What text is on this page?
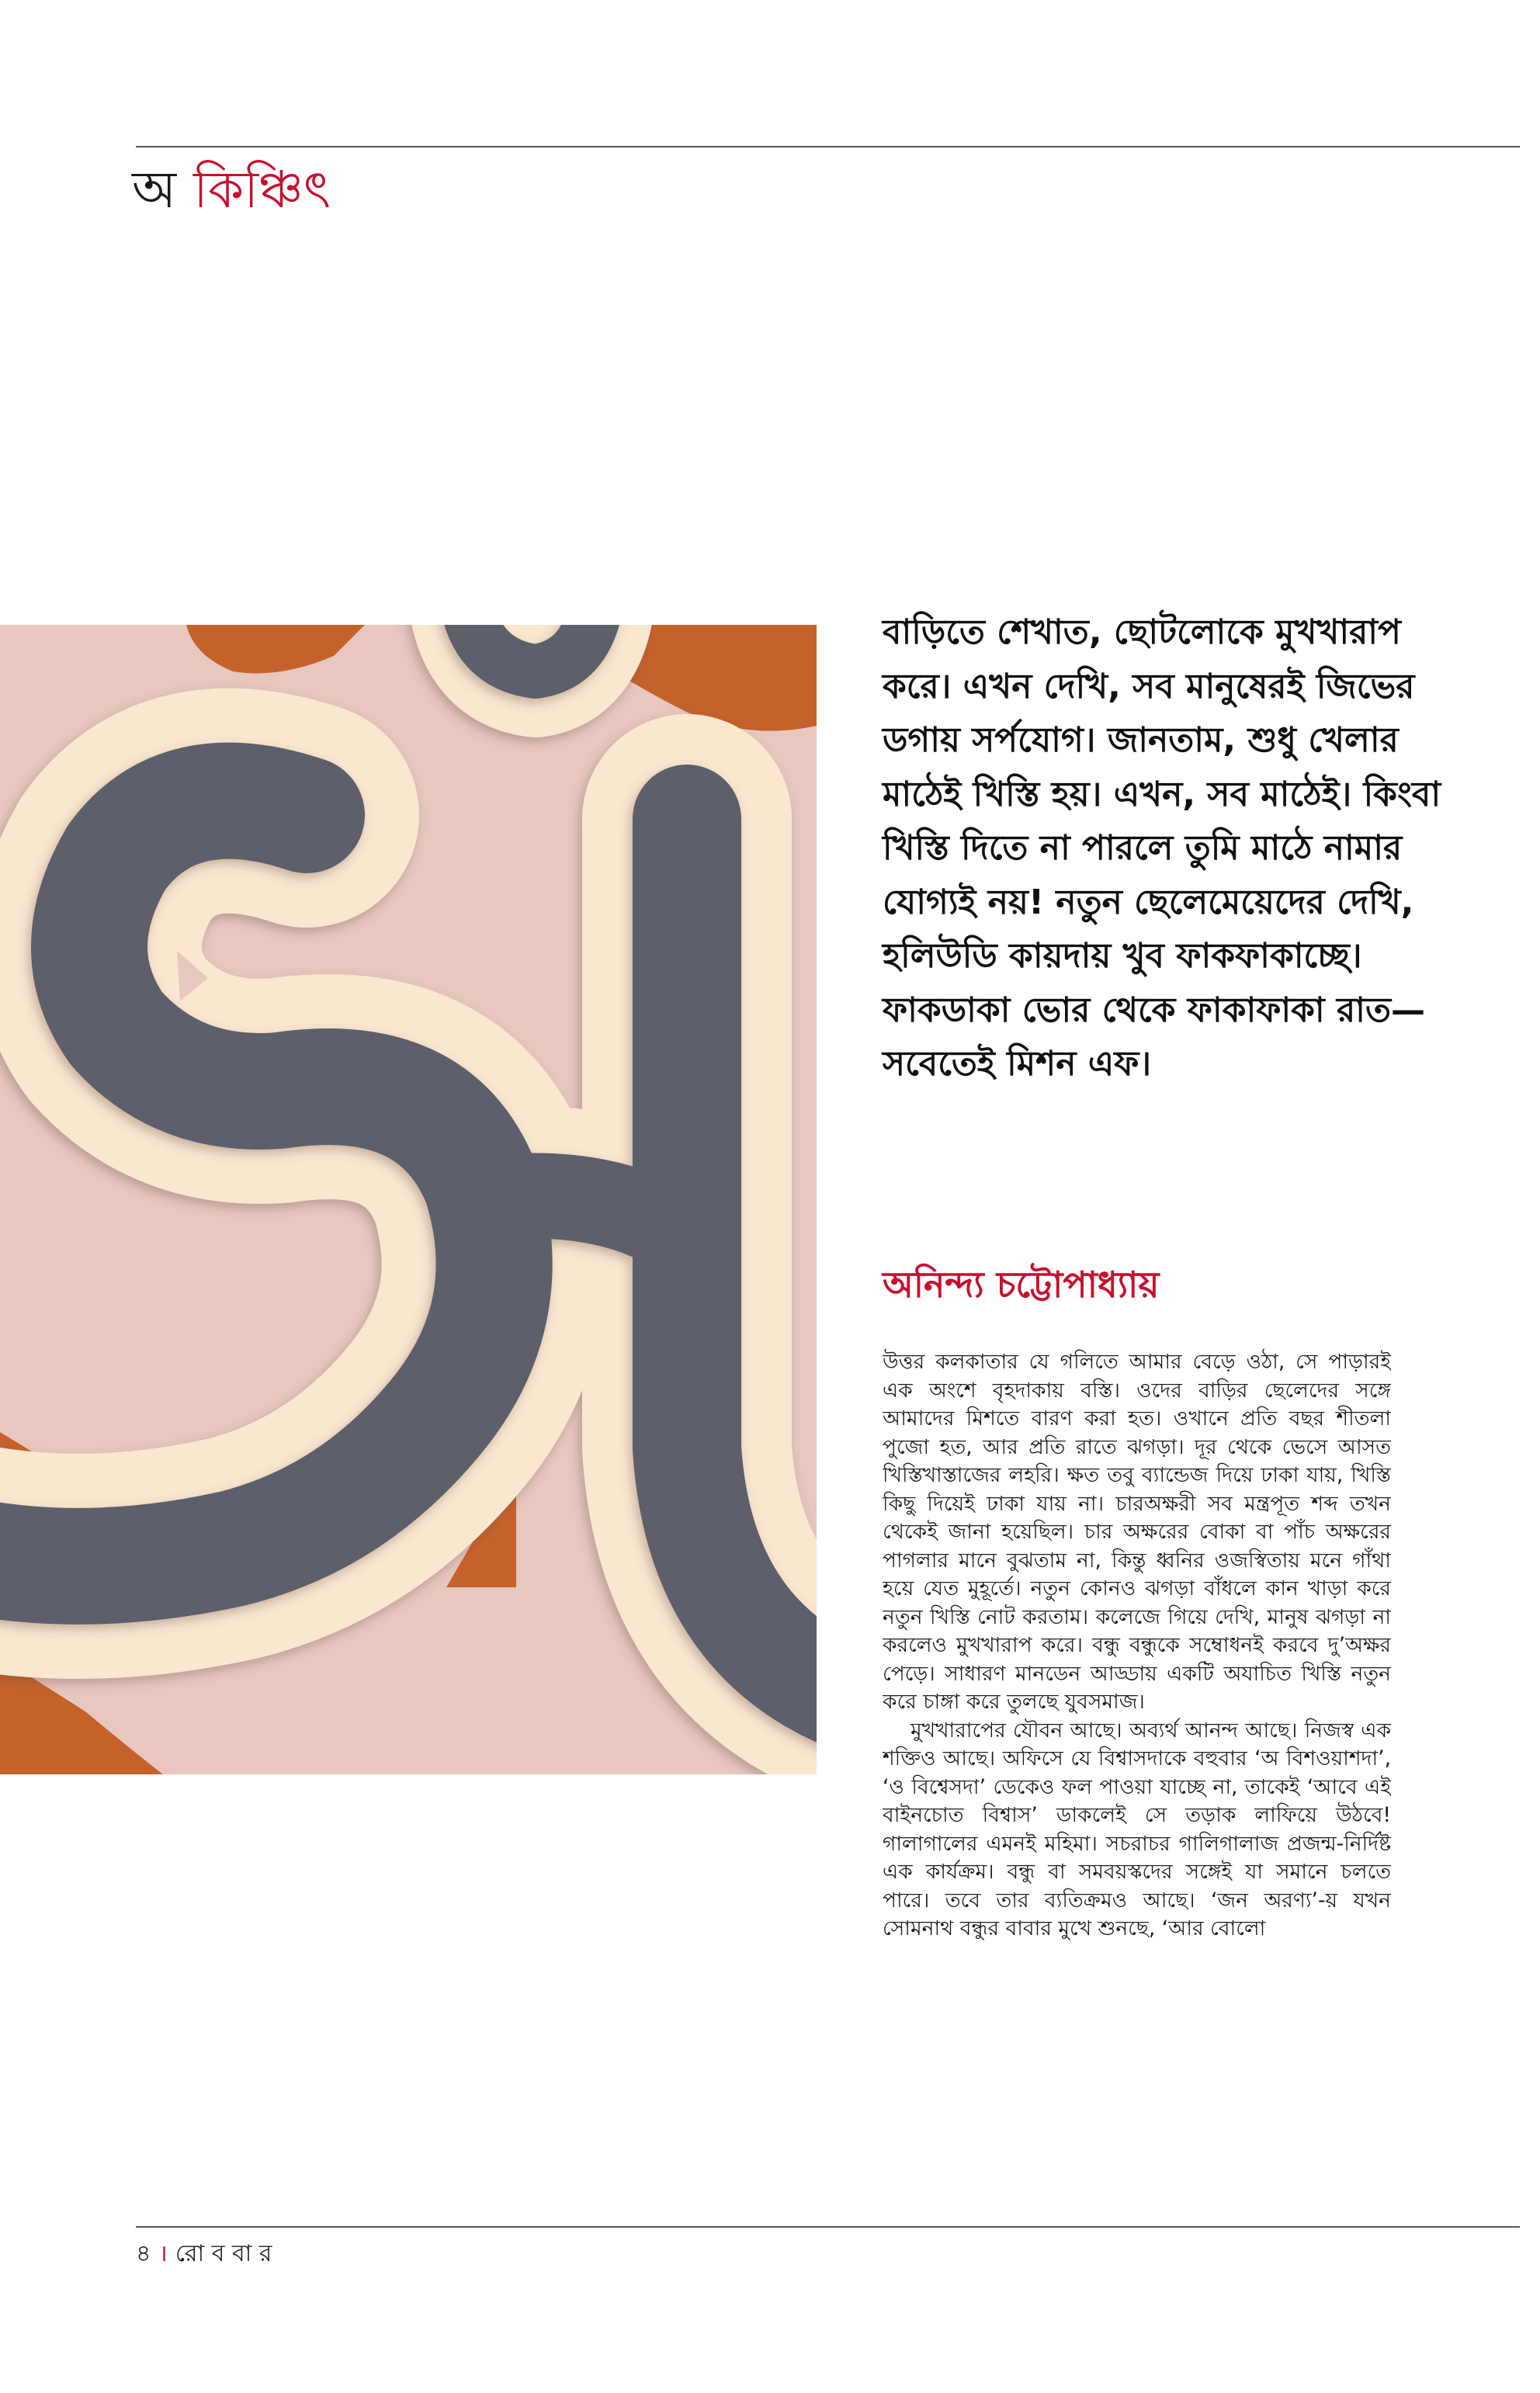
অ কিঞ্চিৎ

বাড়িতে শেখাত, ছোটলোকে মুখখারাপ করে। এখন দেখি, সব মানুষেরই জিভের ডগায় সর্পযোগ। জানতাম, শুধু খেলার মাঠেই খিস্তি হয়। এখন, সব মাঠেই। কিংবা খিস্তি দিতে না পারলে তুমি মাঠে নামার যোগ্যই নয়! নতুন ছেলেমেয়েদের দেখি, হলিউডি কায়দায় খুব ফাকফাকাচ্ছে। ফাকডাকা ভোর থেকে ফাকাফাকা রাত— সবেতেই মিশন এফ।

অনিন্দ্য চট্টোপাধ্যায়

উত্তর কলকাতার যে গলিতে আমার বেড়ে ওঠা, সে পাড়ারই এক অংশে বৃহদাকায় বস্তি। ওদের বাড়ির ছেলেদের সঙ্গে আমাদের মিশতে বারণ করা হত। ওখানে প্রতি বছর শীতলা পুজো হত, আর প্রতি রাতে ঝগড়া। দূর থেকে ভেসে আসত খিস্তিখাস্তাজের লহরি। ক্ষত তবু ব্যান্ডেজ দিয়ে ঢাকা যায়, খিস্তি কিছু দিয়েই ঢাকা যায় না। চারঅক্ষরী সব মন্ত্রপূত শব্দ তখন থেকেই জানা হয়েছিল। চার অক্ষরের বোকা বা পাঁচ অক্ষরের পাগলার মানে বুঝতাম না, কিন্তু ধ্বনির ওজস্বিতায় মনে গাঁথা হয়ে যেত মুহূর্তে। নতুন কোনও ঝগড়া বাঁধলে কান খাড়া করে নতুন খিস্তি নোট করতাম। কলেজে গিয়ে দেখি, মানুষ ঝগড়া না করলেও মুখখারাপ করে। বন্ধু বন্ধুকে সম্বোধনই করবে দু’অক্ষর পেড়ে। সাধারণ মানডেন আড্ডায় একটি অযাচিত খিস্তি নতুন করে চাঙ্গা করে তুলছে যুবসমাজ।

মুখখারাপের যৌবন আছে। অব্যর্থ আনন্দ আছে। নিজস্ব এক শক্তিও আছে। অফিসে যে বিশ্বাসদাকে বহুবার ‘অ বিশওয়াশদা’, ‘ও বিশ্বেসদা’ ডেকেও ফল পাওয়া যাচ্ছে না, তাকেই ‘আবে এই বাইনচোত বিশ্বাস’ ডাকলেই সে তড়াক লাফিয়ে উঠবে! গালাগালের এমনই মহিমা। সচরাচর গালিগালাজ প্রজন্ম-নির্দিষ্ট এক কার্যক্রম। বন্ধু বা সমবয়স্কদের সঙ্গেই যা সমানে চলতে পারে। তবে তার ব্যতিক্রমও আছে। ‘জন অরণ্য’-য় যখন সোমনাথ বন্ধুর বাবার মুখে শুনছে, ‘আর বোলো

৪ । রো ব বা র
